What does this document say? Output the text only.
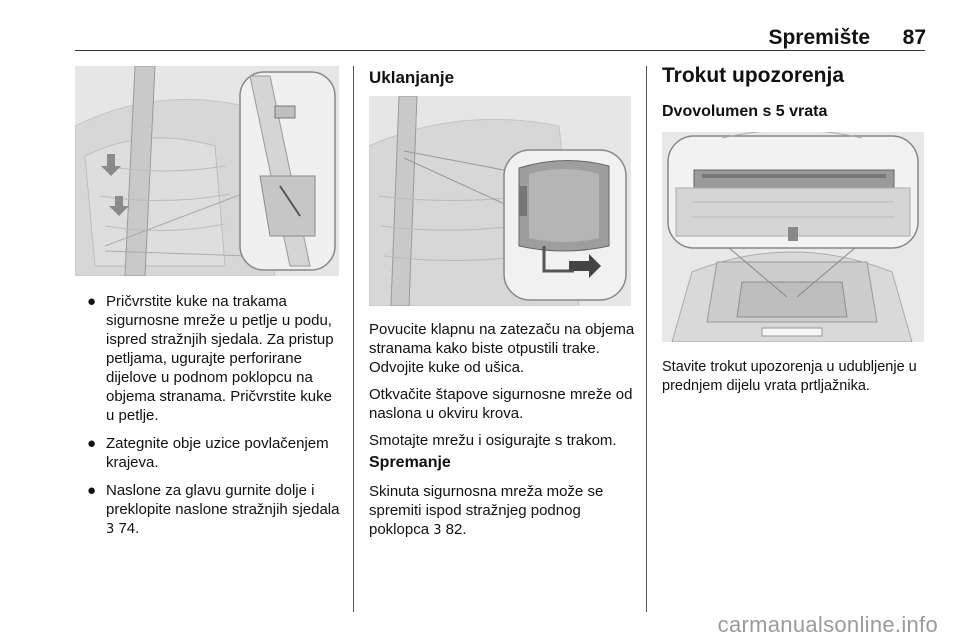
Spremište	87
● Pričvrstite kuke na trakama sigurnosne mreže u petlje u podu, ispred stražnjih sjedala. Za pristup petljama, ugurajte perforirane dijelove u podnom poklopcu na objema stranama. Pričvrstite kuke u petlje.
● Zategnite obje uzice povlačenjem krajeva.
● Naslone za glavu gurnite dolje i preklopite naslone stražnjih sjedala 3 74.
Uklanjanje

Povucite klapnu na zatezaču na objema stranama kako biste otpustili trake. Odvojite kuke od ušica.

Otkvačite štapove sigurnosne mreže od naslona u okviru krova.

Smotajte mrežu i osigurajte s trakom.

Spremanje

Skinuta sigurnosna mreža može se spremiti ispod stražnjeg podnog poklopca 3 82.

Trokut upozorenja
Dvovolumen s 5 vrata

Stavite trokut upozorenja u udubljenje u prednjem dijelu vrata prtljažnika.

carmanualsonline.info
